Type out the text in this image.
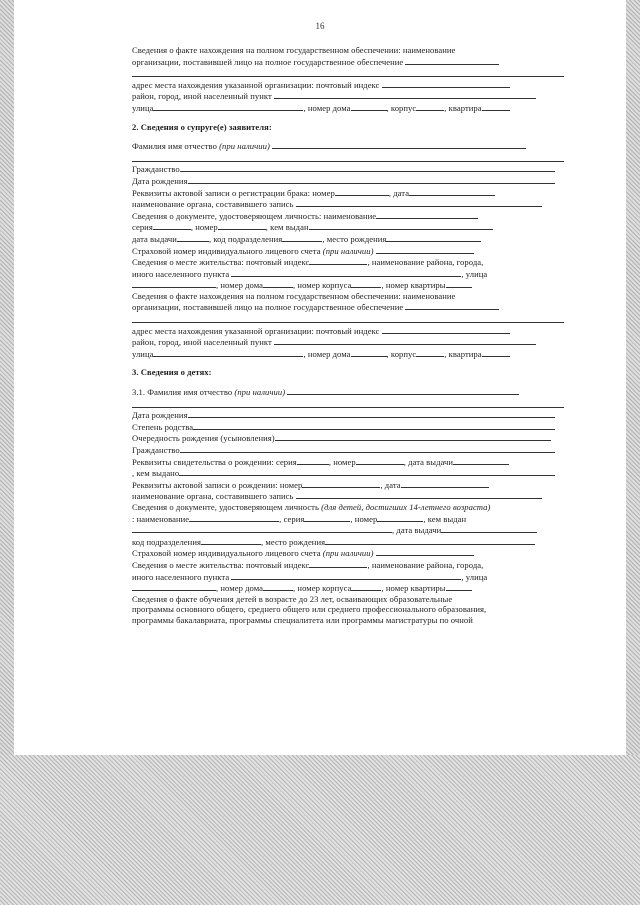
16

Сведения о факте нахождения на полном государственном обеспечении: наименование

организации, поставившей лицо на полное государственное обеспечение

адрес места нахождения указанной организации: почтовый индекс

район, город, иной населенный пункт

улица	, номер дома	, корпус	, квартира

2. Сведения о супруге(е) заявителя:

Фамилия имя отчество (при наличии)

Гражданство

Дата рождения

Реквизиты актовой записи о регистрации брака: номер	, дата

наименование органа, составившего запись

Сведения о документе, удостоверяющем личность: наименование

серия	, номер	, кем выдан

дата выдачи	, код подразделения	, место рождения

Страховой номер индивидуального лицевого счета (при наличии)

Сведения о месте жительства: почтовый индекс	, наименование района, города,

иного населенного пункта	, улица

, номер дома	, номер корпуса	, номер квартиры

Сведения о факте нахождения на полном государственном обеспечении: наименование

организации, поставившей лицо на полное государственное обеспечение

адрес места нахождения указанной организации: почтовый индекс

район, город, иной населенный пункт

улица	, номер дома	, корпус	, квартира

3. Сведения о детях:

3.1. Фамилия имя отчество (при наличии)

Дата рождения

Степень родства

Очередность рождения (усыновления)

Гражданство

Реквизиты свидетельства о рождении: серия	, номер	, дата выдачи

, кем выдано

Реквизиты актовой записи о рождении: номер	, дата

наименование органа, составившего запись

Сведения о документе, удостоверяющем личность (для детей, достигших 14-летнего возраста)

: наименование	, серия	, номер	, кем выдан

, дата выдачи

код подразделения	, место рождения

Страховой номер индивидуального лицевого счета (при наличии)

Сведения о месте жительства: почтовый индекс	, наименование района, города,

иного населенного пункта	, улица

, номер дома	, номер корпуса	, номер квартиры

Сведения о факте обучения детей в возрасте до 23 лет, осваивающих образовательные

программы основного общего, среднего общего или среднего профессионального образования,

программы бакалавриата, программы специалитета или программы магистратуры по очной
